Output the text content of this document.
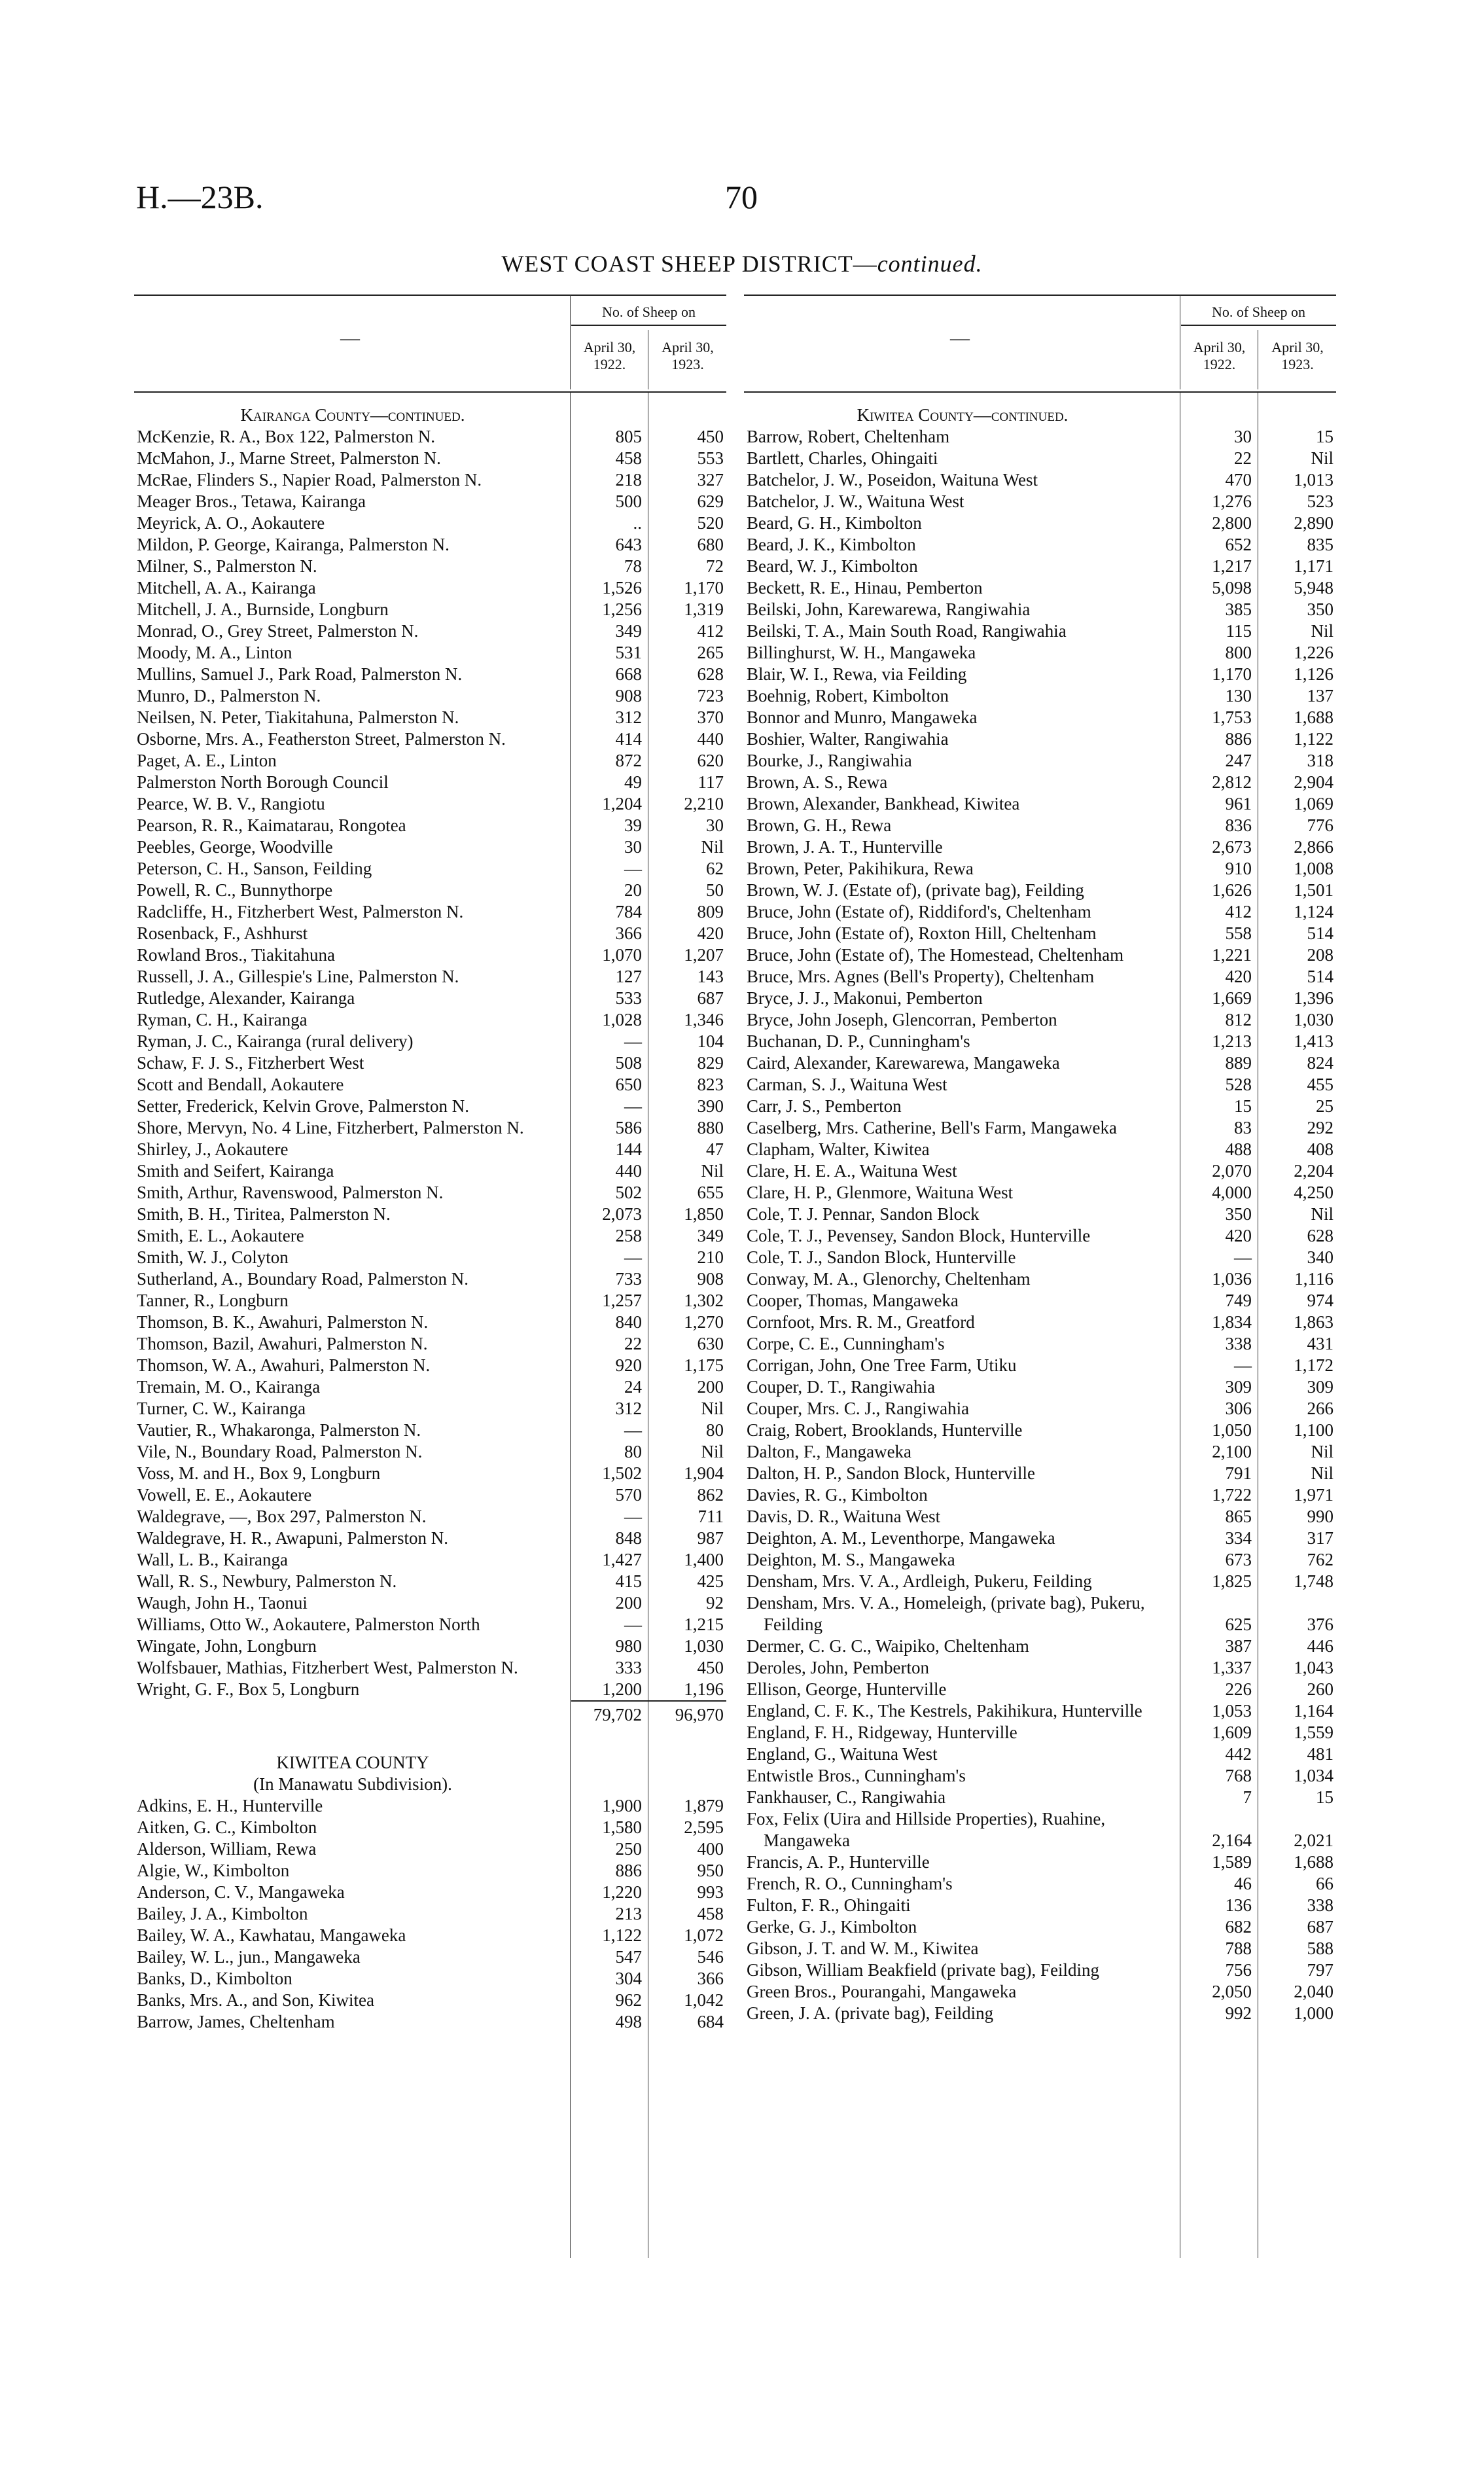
H.—23B.	70
WEST COAST SHEEP DISTRICT—continued.
—
No. of Sheep on
April 30, 1922.
April 30, 1923.
Kairanga County—continued.
McKenzie, R. A., Box 122, Palmerston N.	805	450
McMahon, J., Marne Street, Palmerston N.	458	553
McRae, Flinders S., Napier Road, Palmerston N.	218	327
Meager Bros., Tetawa, Kairanga	500	629
Meyrick, A. O., Aokautere	..	520
Mildon, P. George, Kairanga, Palmerston N.	643	680
Milner, S., Palmerston N.	78	72
Mitchell, A. A., Kairanga	1,526	1,170
Mitchell, J. A., Burnside, Longburn	1,256	1,319
Monrad, O., Grey Street, Palmerston N.	349	412
Moody, M. A., Linton	531	265
Mullins, Samuel J., Park Road, Palmerston N.	668	628
Munro, D., Palmerston N.	908	723
Neilsen, N. Peter, Tiakitahuna, Palmerston N.	312	370
Osborne, Mrs. A., Featherston Street, Palmerston N.	414	440
Paget, A. E., Linton	872	620
Palmerston North Borough Council	49	117
Pearce, W. B. V., Rangiotu	1,204	2,210
Pearson, R. R., Kaimatarau, Rongotea	39	30
Peebles, George, Woodville	30	Nil
Peterson, C. H., Sanson, Feilding	—	62
Powell, R. C., Bunnythorpe	20	50
Radcliffe, H., Fitzherbert West, Palmerston N.	784	809
Rosenback, F., Ashhurst	366	420
Rowland Bros., Tiakitahuna	1,070	1,207
Russell, J. A., Gillespie's Line, Palmerston N.	127	143
Rutledge, Alexander, Kairanga	533	687
Ryman, C. H., Kairanga	1,028	1,346
Ryman, J. C., Kairanga (rural delivery)	—	104
Schaw, F. J. S., Fitzherbert West	508	829
Scott and Bendall, Aokautere	650	823
Setter, Frederick, Kelvin Grove, Palmerston N.	—	390
Shore, Mervyn, No. 4 Line, Fitzherbert, Palmerston N.	586	880
Shirley, J., Aokautere	144	47
Smith and Seifert, Kairanga	440	Nil
Smith, Arthur, Ravenswood, Palmerston N.	502	655
Smith, B. H., Tiritea, Palmerston N.	2,073	1,850
Smith, E. L., Aokautere	258	349
Smith, W. J., Colyton	—	210
Sutherland, A., Boundary Road, Palmerston N.	733	908
Tanner, R., Longburn	1,257	1,302
Thomson, B. K., Awahuri, Palmerston N.	840	1,270
Thomson, Bazil, Awahuri, Palmerston N.	22	630
Thomson, W. A., Awahuri, Palmerston N.	920	1,175
Tremain, M. O., Kairanga	24	200
Turner, C. W., Kairanga	312	Nil
Vautier, R., Whakaronga, Palmerston N.	—	80
Vile, N., Boundary Road, Palmerston N.	80	Nil
Voss, M. and H., Box 9, Longburn	1,502	1,904
Vowell, E. E., Aokautere	570	862
Waldegrave, —, Box 297, Palmerston N.	—	711
Waldegrave, H. R., Awapuni, Palmerston N.	848	987
Wall, L. B., Kairanga	1,427	1,400
Wall, R. S., Newbury, Palmerston N.	415	425
Waugh, John H., Taonui	200	92
Williams, Otto W., Aokautere, Palmerston North	—	1,215
Wingate, John, Longburn	980	1,030
Wolfsbauer, Mathias, Fitzherbert West, Palmerston N.	333	450
Wright, G. F., Box 5, Longburn	1,200	1,196
79,702	96,970
KIWITEA COUNTY
(In Manawatu Subdivision).
Adkins, E. H., Hunterville	1,900	1,879
Aitken, G. C., Kimbolton	1,580	2,595
Alderson, William, Rewa	250	400
Algie, W., Kimbolton	886	950
Anderson, C. V., Mangaweka	1,220	993
Bailey, J. A., Kimbolton	213	458
Bailey, W. A., Kawhatau, Mangaweka	1,122	1,072
Bailey, W. L., jun., Mangaweka	547	546
Banks, D., Kimbolton	304	366
Banks, Mrs. A., and Son, Kiwitea	962	1,042
Barrow, James, Cheltenham	498	684
—
No. of Sheep on
April 30, 1922.
April 30, 1923.
Kiwitea County—continued.
Barrow, Robert, Cheltenham	30	15
Bartlett, Charles, Ohingaiti	22	Nil
Batchelor, J. W., Poseidon, Waituna West	470	1,013
Batchelor, J. W., Waituna West	1,276	523
Beard, G. H., Kimbolton	2,800	2,890
Beard, J. K., Kimbolton	652	835
Beard, W. J., Kimbolton	1,217	1,171
Beckett, R. E., Hinau, Pemberton	5,098	5,948
Beilski, John, Karewarewa, Rangiwahia	385	350
Beilski, T. A., Main South Road, Rangiwahia	115	Nil
Billinghurst, W. H., Mangaweka	800	1,226
Blair, W. I., Rewa, via Feilding	1,170	1,126
Boehnig, Robert, Kimbolton	130	137
Bonnor and Munro, Mangaweka	1,753	1,688
Boshier, Walter, Rangiwahia	886	1,122
Bourke, J., Rangiwahia	247	318
Brown, A. S., Rewa	2,812	2,904
Brown, Alexander, Bankhead, Kiwitea	961	1,069
Brown, G. H., Rewa	836	776
Brown, J. A. T., Hunterville	2,673	2,866
Brown, Peter, Pakihikura, Rewa	910	1,008
Brown, W. J. (Estate of), (private bag), Feilding	1,626	1,501
Bruce, John (Estate of), Riddiford's, Cheltenham	412	1,124
Bruce, John (Estate of), Roxton Hill, Cheltenham	558	514
Bruce, John (Estate of), The Homestead, Cheltenham	1,221	208
Bruce, Mrs. Agnes (Bell's Property), Cheltenham	420	514
Bryce, J. J., Makonui, Pemberton	1,669	1,396
Bryce, John Joseph, Glencorran, Pemberton	812	1,030
Buchanan, D. P., Cunningham's	1,213	1,413
Caird, Alexander, Karewarewa, Mangaweka	889	824
Carman, S. J., Waituna West	528	455
Carr, J. S., Pemberton	15	25
Caselberg, Mrs. Catherine, Bell's Farm, Mangaweka	83	292
Clapham, Walter, Kiwitea	488	408
Clare, H. E. A., Waituna West	2,070	2,204
Clare, H. P., Glenmore, Waituna West	4,000	4,250
Cole, T. J. Pennar, Sandon Block	350	Nil
Cole, T. J., Pevensey, Sandon Block, Hunterville	420	628
Cole, T. J., Sandon Block, Hunterville	—	340
Conway, M. A., Glenorchy, Cheltenham	1,036	1,116
Cooper, Thomas, Mangaweka	749	974
Cornfoot, Mrs. R. M., Greatford	1,834	1,863
Corpe, C. E., Cunningham's	338	431
Corrigan, John, One Tree Farm, Utiku	—	1,172
Couper, D. T., Rangiwahia	309	309
Couper, Mrs. C. J., Rangiwahia	306	266
Craig, Robert, Brooklands, Hunterville	1,050	1,100
Dalton, F., Mangaweka	2,100	Nil
Dalton, H. P., Sandon Block, Hunterville	791	Nil
Davies, R. G., Kimbolton	1,722	1,971
Davis, D. R., Waituna West	865	990
Deighton, A. M., Leventhorpe, Mangaweka	334	317
Deighton, M. S., Mangaweka	673	762
Densham, Mrs. V. A., Ardleigh, Pukeru, Feilding	1,825	1,748
Densham, Mrs. V. A., Homeleigh, (private bag), Pukeru, Feilding	625	376
Dermer, C. G. C., Waipiko, Cheltenham	387	446
Deroles, John, Pemberton	1,337	1,043
Ellison, George, Hunterville	226	260
England, C. F. K., The Kestrels, Pakihikura, Hunterville	1,053	1,164
England, F. H., Ridgeway, Hunterville	1,609	1,559
England, G., Waituna West	442	481
Entwistle Bros., Cunningham's	768	1,034
Fankhauser, C., Rangiwahia	7	15
Fox, Felix (Uira and Hillside Properties), Ruahine, Mangaweka	2,164	2,021
Francis, A. P., Hunterville	1,589	1,688
French, R. O., Cunningham's	46	66
Fulton, F. R., Ohingaiti	136	338
Gerke, G. J., Kimbolton	682	687
Gibson, J. T. and W. M., Kiwitea	788	588
Gibson, William Beakfield (private bag), Feilding	756	797
Green Bros., Pourangahi, Mangaweka	2,050	2,040
Green, J. A. (private bag), Feilding	992	1,000
